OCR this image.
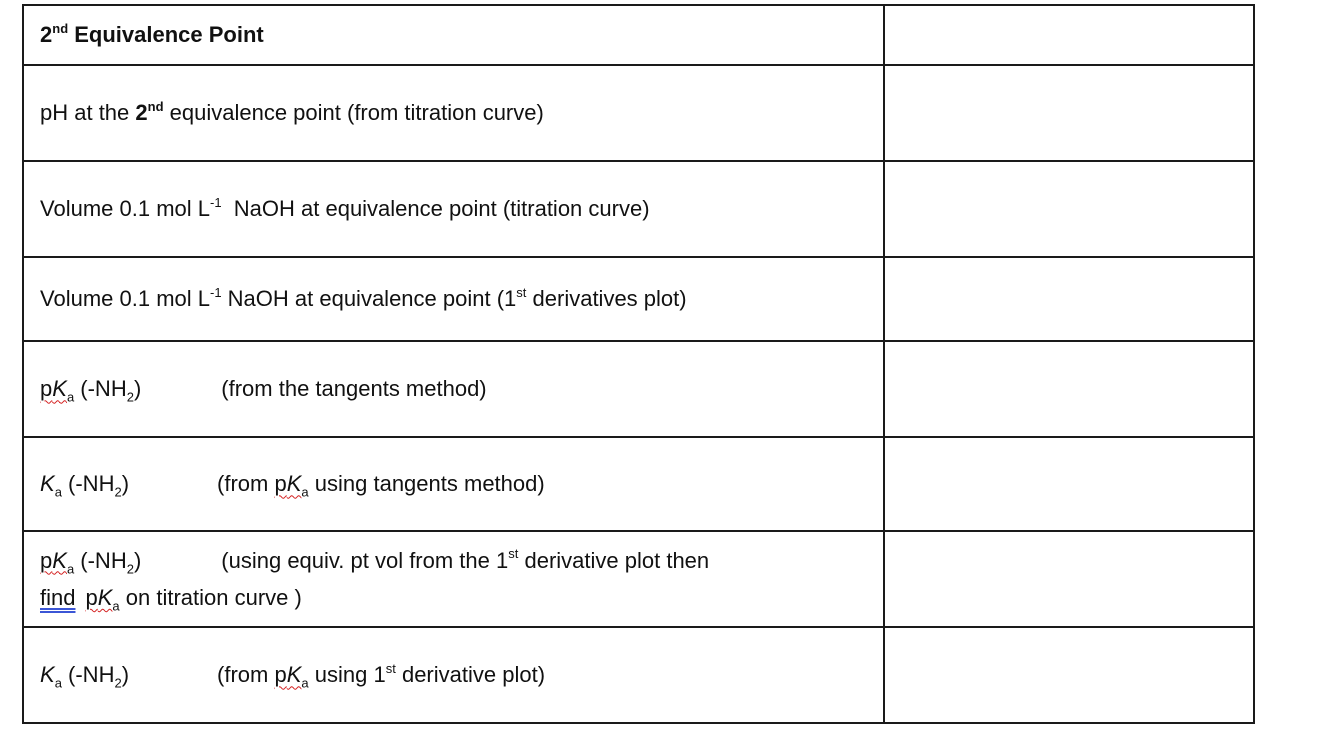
2nd Equivalence Point	
pH at the 2nd equivalence point (from titration curve)	
Volume 0.1 mol $L^{-1}$  NaOH at equivalence point (titration curve)	
Volume 0.1 mol $L^{-1}$ NaOH at equivalence point (1st derivatives plot)	
$pK_a$ $(-NH_2)$ (from the tangents method)	
$K_a$ $(-NH_2)$ (from $pK_a$ using tangents method)	

$pK_a$ $(-NH_2)$ (using equiv. pt vol from the 1st derivative plot then
find $pK_a$ on titration curve )	

$K_a$ $(-NH_2)$ (from $pK_a$ using 1st derivative plot)	
